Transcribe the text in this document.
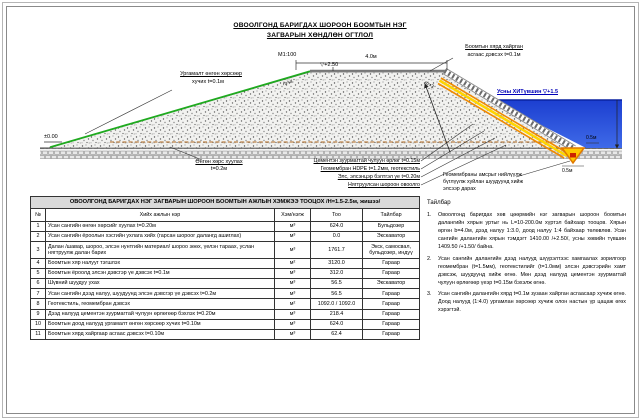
ОВООЛГОНД БАРИГДАХ ШОРООН БООМТЫН НЭГ
ЗАГВАРЫН ХӨНДЛӨН ОГТЛОЛ
М1:100	4.0м
▽+2.50
±0.00
Ургамалт өнгөн хөрсөөр
хучих t=0.1м
Боомтын хярд хайрган
асгаас дэвсэх t=0.1м
m=4	m=3
Усны ХИТүвшин ▽+1.5
Өнгөн хөрс хуулах
t=0.2м
Цементэн зуурмагтай чулуун өрлөг t=0.15м
Геомембран HDPE t=1.2мм, геотекстиль
Элс, элсэнцэр бэлтгэл үе t=0.20м
Нягтруулсан шороон овоолго
Геомембраны амсрыг нийлүүлж
бүглүүлж хуйлан шуудуунд хийж
элсээр дарах
0.5м
0.5м
ОВООЛГОНД БАРИГДАХ НЭГ ЗАГВАРЫН ШОРООН БООМТЫН АЖЛЫН ХЭМЖЭЭ ТООЦОХ /Н=1.5-2.5м, жишээ/				
№	Хийх ажлын нэр	Хэм/нэгж	Тоо	Тайлбар
1	Усан сангийн өнгөн хөрсийг хуулах t=0.20м	м³	624.0	Бульдозер
2	Усан сангийн ёроолын хэсгийн ухлага хийх (гарсан шороог далангд ашиглах)	м³	0.0	Экскаватор
3	Далан /шавар, шороо, элсэн нунтгийн материал/ шороо зөөх, үелэн тараах, услан нягтруулж далан барих	м³	1761.7	Экск, самосвал, бульдозер, индүү
4	Боомтын хяр налууг тэгшлэх	м²	3120.0	Гараар
5	Боомтын ёроолд элсэн дэвсгэр үе дэвсэх t=0.1м	м³	312.0	Гараар
6	Шүвний шуудуу ухах	м³	56.5	Экскаватор
7	Усан сангийн дээд налуу, шуудуунд элсэн дэвсгэр үе дэвсэх t=0.2м	м³	56.5	Гараар
8	Геотекстиль, геомембран дэвсэх	м²	1092.0 / 1092.0	Гараар
9	Дээд налууд цементэн зуурмагтай чулуун өрлөгөөр бэхлэх t=0.20м	м³	218.4	Гараар
10	Боомтын доод налууд ургамалт өнгөн хөрсөөр хучих t=0.10м	м³	624.0	Гараар
11	Боомтын хярд хайргаар асгаас дэвсэх t=0.10м	м³	62.4	Гараар
Тайлбар
1.	Овоолгонд баригдах хөв цөөрмийн нэг загварын шороон боомтын далангийн хярын уртыг нь L=10-200.0м хүртэл байхаар тооцов. Хярын өргөн b=4.0м, дээд налуу 1:3.0, доод налуу 1:4 байхаар төлөвлөв. Усан сангийн далангийн хярын тэмдэгт 1410.00 /+2.50/, усны хөвийн түвшин 1409.50 /+1.50/ байна.
2.	Усан сангийн далангийн дээд налууд шүүрэлтээс хамгаалах зорилгоор геомембран (t=1.5мм), геотекстилийг (t=1.0мм) элсэн дэвсгэрийн хамт дэвсэж, шуудуунд хийж өгнө. Мөн дээд налууд цементэн зуурмагтай чулуун өрлөгөөр үеэр t=0.15м бэхэлж өгнө.
3.	Усан сангийн далангийн хярд t=0.1м зузаан хайрган асгаасаар хучиж өгнө. Доод налууд (1:4.0) ургамлан хөрсөөр хучиж олон настын үр цацаж өгөх хэрэгтэй.
